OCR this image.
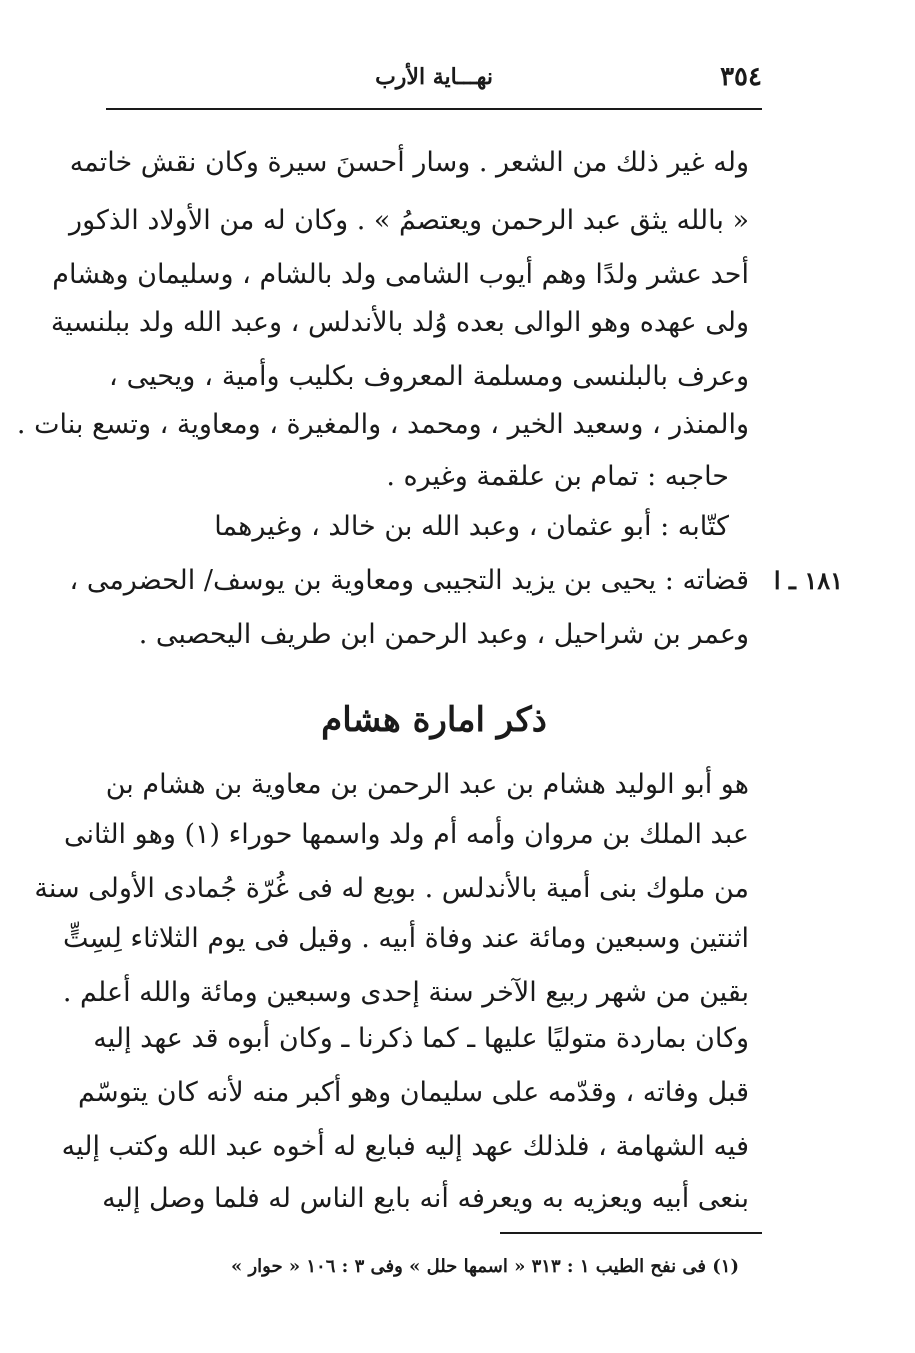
٣٥٤
نهـــاية الأرب
وله غير ذلك من الشعر . وسار أحسنَ سيرة وكان نقش خاتمه
« بالله يثق عبد الرحمن ويعتصمُ » . وكان له من الأولاد الذكور
أحد عشر ولدًا وهم أيوب الشامى ولد بالشام ، وسليمان وهشام
ولى عهده وهو الوالى بعده وُلد بالأندلس ، وعبد الله ولد ببلنسية
وعرف بالبلنسى ومسلمة المعروف بكليب وأمية ، ويحيى ،
والمنذر ، وسعيد الخير ، ومحمد ، والمغيرة ، ومعاوية ، وتسع بنات .
حاجبه : تمام بن علقمة وغيره .
كتّابه : أبو عثمان ، وعبد الله بن خالد ، وغيرهما
قضاته : يحيى بن يزيد التجيبى ومعاوية بن يوسف/ الحضرمى ،
وعمر بن شراحيل ، وعبد الرحمن ابن طريف اليحصبى .
١٨١ ـ ا
ذكر امارة هشام
هو أبو الوليد هشام بن عبد الرحمن بن معاوية بن هشام بن
عبد الملك بن مروان وأمه أم ولد واسمها حوراء (١) وهو الثانى
من ملوك بنى أمية بالأندلس . بويع له فى غُرّة جُمادى الأولى سنة
اثنتين وسبعين ومائة عند وفاة أبيه . وقيل فى يوم الثلاثاء لِسِتٍّ
بقين من شهر ربيع الآخر سنة إحدى وسبعين ومائة والله أعلم .
وكان بماردة متوليًا عليها ـ كما ذكرنا ـ وكان أبوه قد عهد إليه
قبل وفاته ، وقدّمه على سليمان وهو أكبر منه لأنه كان يتوسّم
فيه الشهامة ، فلذلك عهد إليه فبايع له أخوه عبد الله وكتب إليه
بنعى أبيه ويعزيه به ويعرفه أنه بايع الناس له فلما وصل إليه
(١) فى نفح الطيب ١ : ٣١٣ « اسمها حلل » وفى ٣ : ١٠٦ « حوار »
